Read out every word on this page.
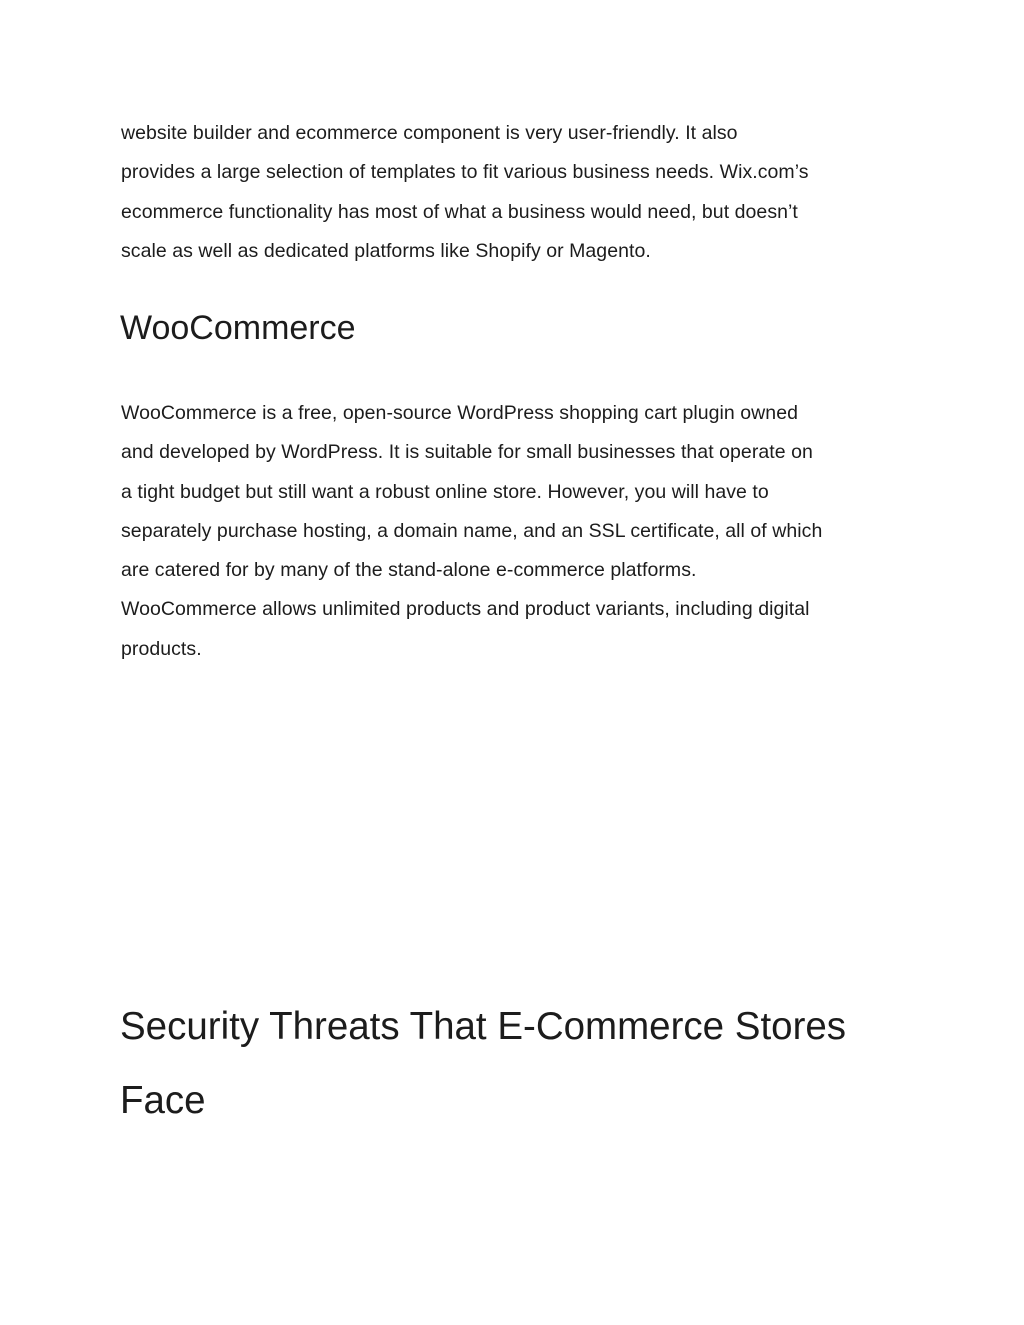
website builder and ecommerce component is very user-friendly. It also
provides a large selection of templates to fit various business needs. Wix.com’s
ecommerce functionality has most of what a business would need, but doesn’t
scale as well as dedicated platforms like Shopify or Magento.

WooCommerce

WooCommerce is a free, open-source WordPress shopping cart plugin owned
and developed by WordPress. It is suitable for small businesses that operate on
a tight budget but still want a robust online store. However, you will have to
separately purchase hosting, a domain name, and an SSL certificate, all of which
are catered for by many of the stand-alone e-commerce platforms.
WooCommerce allows unlimited products and product variants, including digital
products.

Security Threats That E-Commerce Stores
Face
